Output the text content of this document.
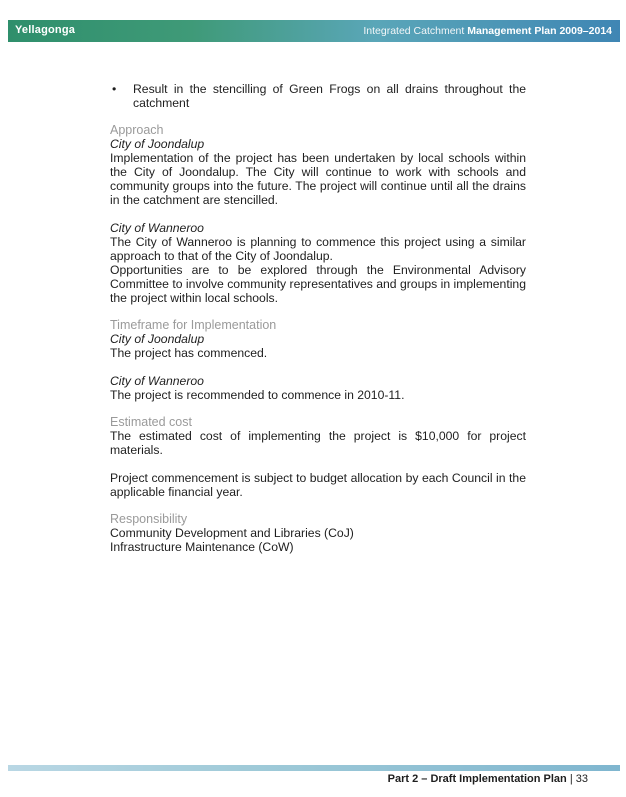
Yellagonga	Integrated Catchment Management Plan 2009–2014
•	Result in the stencilling of Green Frogs on all drains throughout the catchment
Approach
City of Joondalup
Implementation of the project has been undertaken by local schools within the City of Joondalup. The City will continue to work with schools and community groups into the future. The project will continue until all the drains in the catchment are stencilled.
City of Wanneroo
The City of Wanneroo is planning to commence this project using a similar approach to that of the City of Joondalup.
Opportunities are to be explored through the Environmental Advisory Committee to involve community representatives and groups in implementing the project within local schools.
Timeframe for Implementation
City of Joondalup
The project has commenced.
City of Wanneroo
The project is recommended to commence in 2010-11.
Estimated cost
The estimated cost of implementing the project is $10,000 for project materials.
Project commencement is subject to budget allocation by each Council in the applicable financial year.
Responsibility
Community Development and Libraries (CoJ)
Infrastructure Maintenance (CoW)
Part 2 – Draft Implementation Plan | 33
